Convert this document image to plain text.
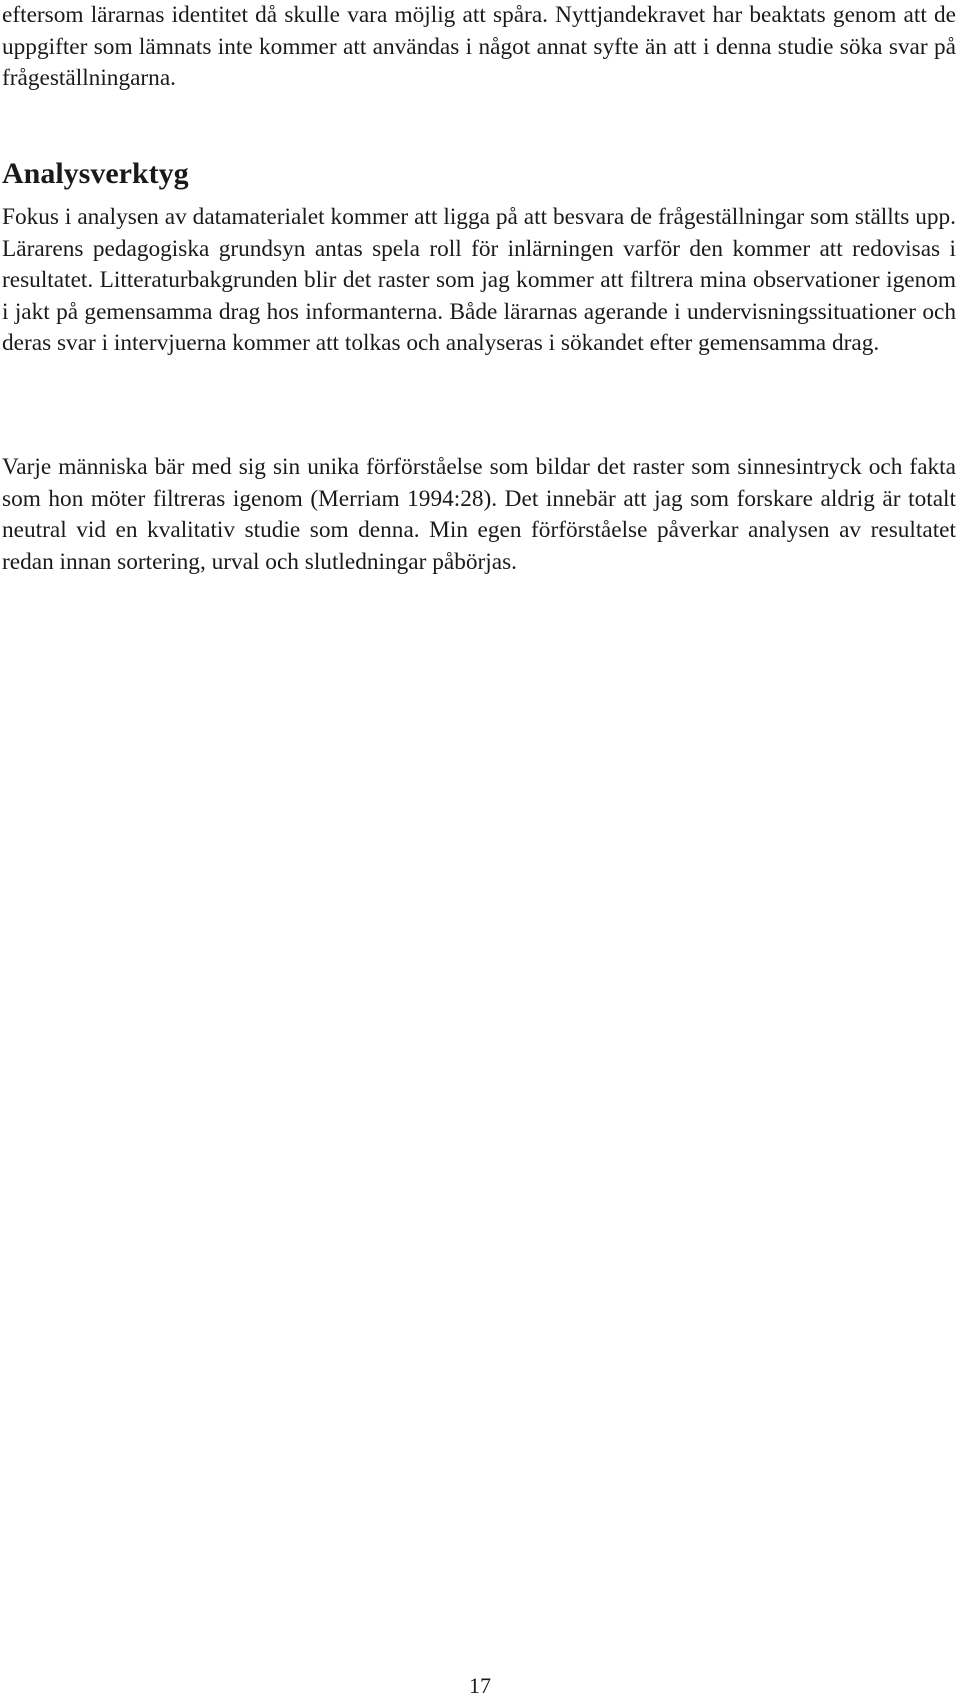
eftersom lärarnas identitet då skulle vara möjlig att spåra. Nyttjandekravet har beaktats genom att de uppgifter som lämnats inte kommer att användas i något annat syfte än att i denna studie söka svar på frågeställningarna.

Analysverktyg

Fokus i analysen av datamaterialet kommer att ligga på att besvara de frågeställningar som ställts upp. Lärarens pedagogiska grundsyn antas spela roll för inlärningen varför den kommer att redovisas i resultatet. Litteraturbakgrunden blir det raster som jag kommer att filtrera mina observationer igenom i jakt på gemensamma drag hos informanterna. Både lärarnas agerande i undervisningssituationer och deras svar i intervjuerna kommer att tolkas och analyseras i sökandet efter gemensamma drag.

Varje människa bär med sig sin unika förförståelse som bildar det raster som sinnesintryck och fakta som hon möter filtreras igenom (Merriam 1994:28). Det innebär att jag som forskare aldrig är totalt neutral vid en kvalitativ studie som denna. Min egen förförståelse påverkar analysen av resultatet redan innan sortering, urval och slutledningar påbörjas.

17
